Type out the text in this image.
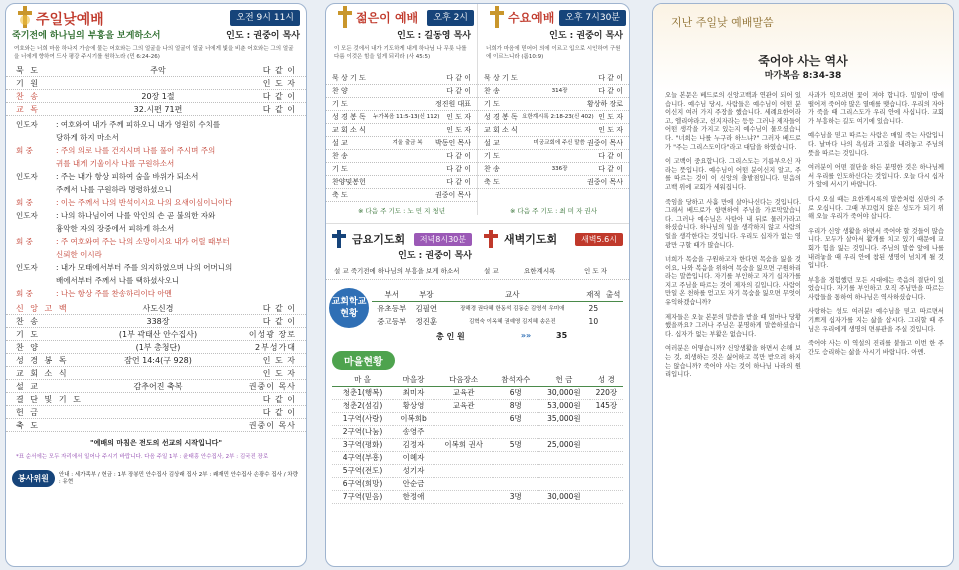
주일낮예배	오전 9시 11시
죽기전에 하나님의 부흥을 보게하소서	인도 : 권중이 목사
여호와는 너희 마음 하나지 가슴에 물는 어호와는 그의 얼굴을 나의 얼굴이 얼굴 너에게 빛을 비춘 어호와는 그의 얼굴을 너에게 향하여 드사 평강 주시기를 원하노라 (민 6:24-26)
묵 도	주악	다 같 이
기 원	인 도 자
찬 송	20장 1절	다 같 이
교 독	32.시편 71편	다 같 이
인도자 : 여호와여 내가 주께 피하오니 내가 영원히 수치를
당하게 하지 마소서
회 중	: 주의 의로 나를 건지시며 나를 풀어 주시며 주의
귀를 내게 기울이사 나를 구원하소서
인도자 : 주는 내가 항상 피하여 숨을 바위가 되소서
주께서 나를 구원하라 명령하셨으니
회 중	: 이는 주께서 나의 반석이시요 나의 요새이심이니이다
인도자 : 나의 하나님이여 나를 악인의 손 곧 불의한 자와
흉악한 자의 장중에서 피하게 하소서
회 중	: 주 여호와여 주는 나의 소망이시요 내가 어릴 때부터
신뢰한 이시라
인도자 : 내가 모태에서부터 주를 의지하였으며 나의 어머니의
배에서부터 주께서 나를 택하셨사오니
회 중	: 나는 항상 주를 찬송하리이다 아멘
신 앙 고 백	사도신경	다 같 이
찬 송	338장	다 같 이
기 도	(1부 곽태산 안수집사)	이성광 장로
찬 양	(1부 총청단)	2부성가대
성 경 봉 독	잠언 14:4(구 928)	인 도 자
교 회 소 식	인 도 자
설 교	감추어진 축복	권중이 목사
결 단 및 기 도	다 같 이
헌 금	다 같 이
축 도	권중이 목사
"예배의 마침은 전도의 선교의 시작입니다"
*표 순서에는 모두 자리에서 일어나 주시기 바랍니다. 다음 주일 1부 : 윤태흥 안수집사, 2부 : 김국진 장로
봉사위원	안내 : 세가족부 / 헌금 : 1부 장봉민 안수집사 김상래 집사 2부 : 쾌재민 안수집사 손광수 집사 / 차량 : 유현
젊은이 예배	오후 2시
인도 : 길동영 목사
이 모든 것에서 내가 기도하게 내게 하나님 나 무릇 나를 다름 이것은 힘을 일게 되리라 (사 45:5)
묵 상 기 도	다 같 이
찬 양	다 같 이
기 도	정진원 대표
성 경 봉 독	누가복음 11:5-13(신 112) 인 도 자
교 회 소 식	인 도 자
설 교	겨울 출금 복	박동인 목사
찬 송	다 같 이
기 도	다 같 이
찬양및봉헌	다 같 이
축 도	권중이 목사
※ 다음 주 기도 : 노 민 지 청년
수요예배	오후 7시30분
인도 : 권중이 목사
너희가 마음에 믿어어 의에 이르고 입으로 시인하여 구원에 이르느니라 (롬10:9)
묵 상 기 도	다 같 이
찬 송	314장	다 같 이
기 도	황상하 장로
성 경 봉 독 요한계시록 2:18-23(신 402) 인 도 자
교 회 소 식	인 도 자
설 교	미궁교회에 주신 말씀 권중이 목사
기 도	다 같 이
찬 송	336장	다 같 이
축 도	권중이 목사
※ 다음 주 기도 : 최 미 자 권사
금요기도회	저녁8시30분
인도 : 권중이 목사
새벽기도회	새벽5.6시
설 교 죽기전에 하나님의 부흥을 보게 하소서	설 교	요한계시록	인 도 자
교회학교 현황
부서	부장	교사	재적	출석
유초등부	김필연	장해경 권다혜 한동석 김동순 김영석 우미애	25	
중고등부	정진훈	김혁숙 이옥혜 권예영 김지혜 송은진	10	
총 인 원	»»	35
마을현황
마 을	마을장	다음장소	참석자수	헌 금	성 경
청춘1(행복)	최미자	교육관	6명	30,000원	220장
청춘2(섬김)	황상영	교육관	8명	53,000원	145장
1구역(사랑)	이복희b		6명	35,000원	
2구역(나눔)	송영주				
3구역(평화)	김정자	이복희 권사	5명	25,000원	
4구역(부흥)	이혜자				
5구역(전도)	성기자				
6구역(희망)	안순금				
7구역(믿음)	한정애		3명	30,000원	
지난 주일낮 예배말씀
죽어야 사는 역사
마가복음 8:34-38

오늘 본문은 베드로의 신앙고백과 연관이 되어 있습니다. 예수님 당시, 사람들은 예수님이 어떤 분이신지 여러 가지 주장을 했습니다. 세례요한이라고, 엘리야라고, 선지자라는 등등 그러나 제자들이 어떤 생각을 가지고 있는지 예수님이 물으셨습니다. "너희는 나를 누구라 하느냐?" 그러자 베드로가 "주는 그리스도이다"라고 대답을 하였습니다.

이 고백이 중요합니다. 그리스도는 기름부으신 자라는 뜻입니다. 예수님이 어떤 분이신지 알고, 주를 따르는 것이 이 신앙의 출발점입니다. 믿음의 고백 위에 교회가 세워집니다.

죽임을 당하고 사흘 만에 살아나신다는 것입니다. 그래서 베드로가 항변하여 주님을 가로막았습니다. 그러나 예수님은 사탄아 내 뒤로 물러가라고 하셨습니다. 하나님의 일을 생각하지 않고 사람의 일을 생각한다는 것입니다. 우리도 십자가 없는 영광만 구할 때가 많습니다.

너희가 목숨을 구원하고자 한다면 목숨을 잃을 것이요, 나와 복음을 위하여 목숨을 잃으면 구원하리라는 말씀입니다. 자기를 부인하고 자기 십자가를 지고 주님을 따르는 것이 제자의 길입니다. 사람이 만일 온 천하를 얻고도 자기 목숨을 잃으면 무엇이 유익하겠습니까?

제자들은 오늘 본문의 말씀을 받을 때 얼마나 당황했을까요? 그러나 주님은 분명하게 말씀하셨습니다. 십자가 없는 부활은 없습니다.

여러분은 어떻습니까? 신앙생활을 하면서 손해 보는 것, 희생하는 것은 싫어하고 복만 받으려 하지는 않습니까? 죽어야 사는 것이 하나님 나라의 원리입니다.

사과가 익으려면 꽃이 져야 합니다. 밀알이 땅에 떨어져 죽어야 많은 열매를 맺습니다. 우리의 자아가 죽을 때 그리스도가 우리 안에 사십니다. 교회가 부흥하는 길도 여기에 있습니다.

예수님을 믿고 따르는 사람은 매일 죽는 사람입니다. 날마다 나의 욕심과 고집을 내려놓고 주님의 뜻을 따르는 것입니다.

여러분이 어떤 결단을 하든 분명한 것은 하나님께서 우리를 인도하신다는 것입니다. 오늘 다시 십자가 앞에 서시기 바랍니다.

다시 오실 때는 요한계시록의 말씀처럼 심판의 주로 오십니다. 그때 부끄럽지 않은 성도가 되기 위해 오늘 우리가 죽어야 삽니다.

우리가 신앙 생활을 하면서 죽어야 할 것들이 많습니다. 모두가 살아서 활개를 치고 있기 때문에 교회가 힘을 잃는 것입니다. 주님의 말씀 앞에 나를 내려놓을 때 우리 안에 참된 생명이 넘치게 될 것입니다.

부흥을 경험했던 모든 시대에는 죽음의 결단이 있었습니다. 자기를 부인하고 오직 주님만을 따르는 사람들을 통하여 하나님은 역사하셨습니다.

사랑하는 성도 여러분! 예수님을 믿고 따르면서 기쁘게 십자가를 지는 삶을 삽시다. 그리할 때 주님은 우리에게 생명의 면류관을 주실 것입니다.

죽어야 사는 이 역설의 진리를 붙들고 이번 한 주간도 승리하는 삶을 사시기 바랍니다. 아멘.
